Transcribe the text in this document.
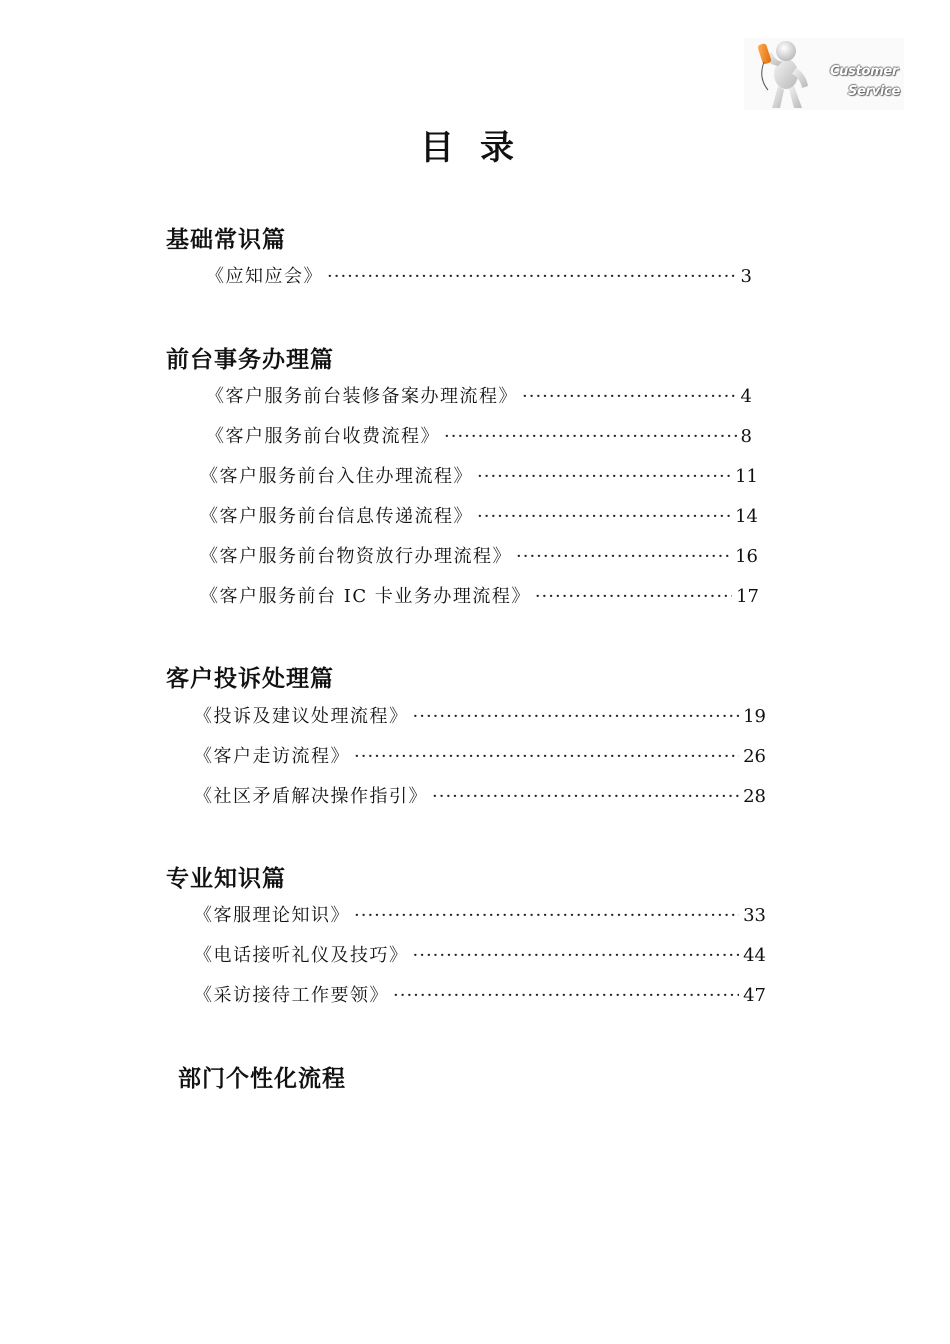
Customer
Service
目录
基础常识篇
《应知应会》 ·····	3
前台事务办理篇
《客户服务前台装修备案办理流程》 ·····	4
《客户服务前台收费流程》 ·····	8
《客户服务前台入住办理流程》 ·····	11
《客户服务前台信息传递流程》 ·····	14
《客户服务前台物资放行办理流程》 ·····	16
《客户服务前台 IC 卡业务办理流程》 ·····	17
客户投诉处理篇
《投诉及建议处理流程》 ·····	19
《客户走访流程》 ·····	26
《社区矛盾解决操作指引》 ·····	28
专业知识篇
《客服理论知识》 ·····	33
《电话接听礼仪及技巧》 ·····	44
《采访接待工作要领》 ·····	47
部门个性化流程
